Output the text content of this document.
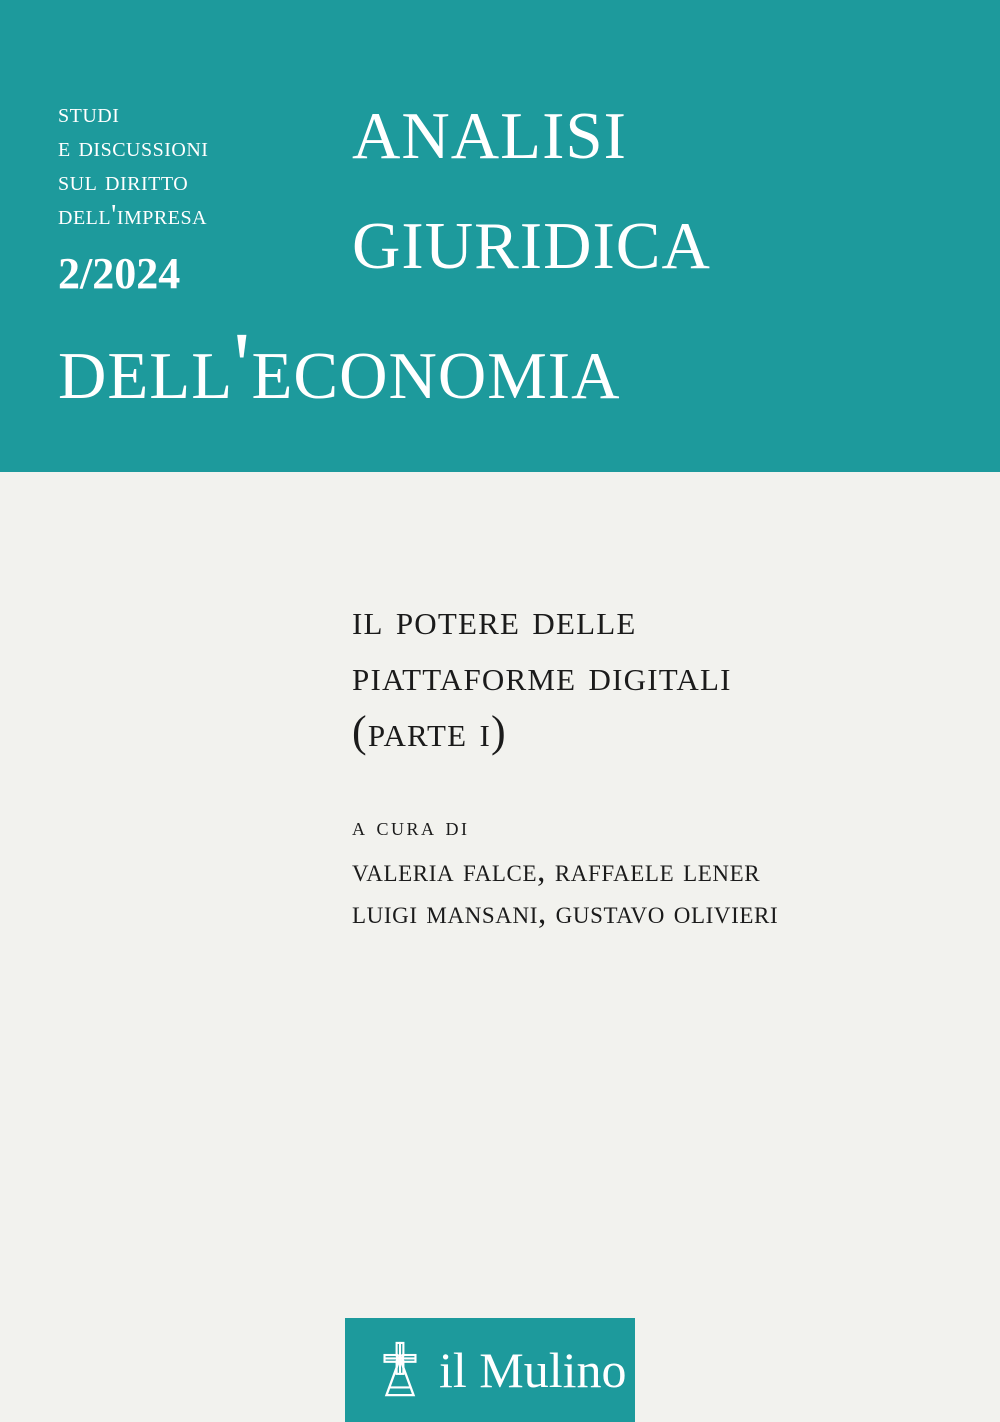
studi
e discussioni
sul diritto
dell'impresa
2/2024
analisi
giuridica
dell'economia
il potere delle
piattaforme digitali
(parte i)
a cura di
valeria falce, raffaele lener
luigi mansani, gustavo olivieri
il Mulino
